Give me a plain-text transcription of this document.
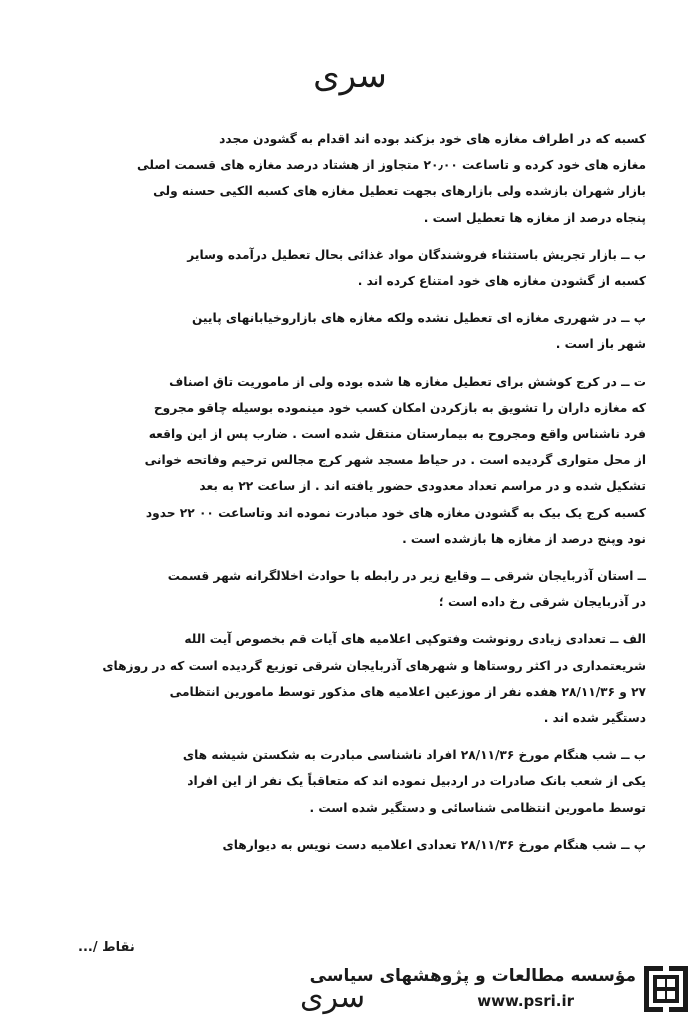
سری
کسبه که در اطراف مغازه های خود بزکند بوده اند اقدام به گشودن مجدد
مغازه های خود کرده و تاساعت ۲۰٫۰۰ متجاوز از هشتاد درصد مغازه های قسمت اصلی
بازار شهران بازشده ولی بازارهای بجهت تعطیل مغازه های کسبه الکیی حسنه ولی
پنجاه درصد از مغازه ها تعطیل است .
ب ــ بازار تجریش باستثناء فروشندگان مواد غذائی بحال تعطیل درآمده وسایر
کسبه از گشودن مغازه های خود امتناع کرده اند .
پ ــ در شهرری مغازه ای تعطیل نشده ولکه مغازه های بازاروخیابانهای پایین
شهر باز است .
ت ــ در کرج کوشش برای تعطیل مغازه ها شده بوده ولی از ماموریت تاق اصناف
که مغازه داران را تشویق به بازکردن امکان کسب خود مینموده بوسیله چاقو مجروح
فرد ناشناس واقع ومجروح به بیمارستان منتقل شده است . ضارب پس از این واقعه
از محل متواری گردیده است . در حیاط مسجد شهر کرج مجالس ترحیم وفاتحه خوانی
تشکیل شده و در مراسم تعداد معدودی حضور یافته اند . از ساعت ۲۲ به بعد
کسبه کرج یک بیک به گشودن مغازه های خود مبادرت نموده اند وتاساعت ۰۰ ۲۲ حدود
نود وپنج درصد از مغازه ها بازشده است .
ــ استان آذربایجان شرقی ــ وقایع زیر در رابطه با حوادث اخلالگرانه شهر قسمت
در آذربایجان شرقی رخ داده است ؛
الف ــ تعدادی زیادی رونوشت وفتوکپی اعلامیه های آیات قم بخصوص آیت الله
شریعتمداری در اکثر روستاها و شهرهای آذربایجان شرقی توزیع گردیده است که در روزهای
۲۷ و ۲۸/۱۱/۳۶ هفده نفر از موزعین اعلامیه های مذکور توسط مامورین انتظامی
دستگیر شده اند .
ب ــ شب هنگام مورخ ۲۸/۱۱/۳۶ افراد ناشناسی مبادرت به شکستن شیشه های
یکی از شعب بانک صادرات در اردبیل نموده اند که متعاقباً یک نفر از این افراد
توسط مامورین انتظامی شناسائی و دستگیر شده است .
پ ــ شب هنگام مورخ ۲۸/۱۱/۳۶ تعدادی اعلامیه دست نویس به دیوارهای
نقاط /...
سری
مؤسسه مطالعات و پژوهشهای سیاسی
www.psri.ir
